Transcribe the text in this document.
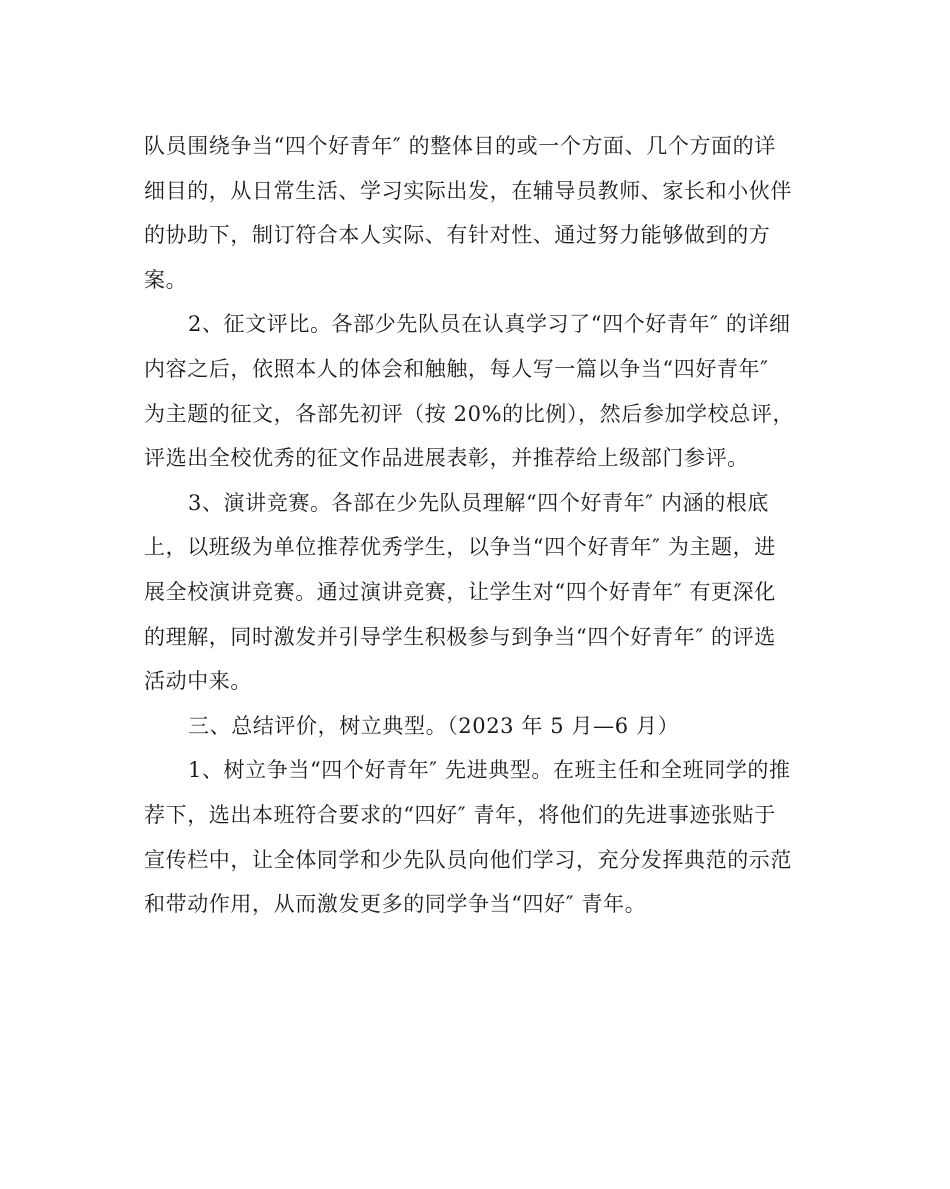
队员围绕争当“四个好青年″ 的整体目的或一个方面、几个方面的详
细目的，从日常生活、学习实际出发，在辅导员教师、家长和小伙伴
的协助下，制订符合本人实际、有针对性、通过努力能够做到的方
案。
2、征文评比。各部少先队员在认真学习了“四个好青年″ 的详细
内容之后，依照本人的体会和触触，每人写一篇以争当“四好青年″
为主题的征文，各部先初评（按 20%的比例），然后参加学校总评，
评选出全校优秀的征文作品进展表彰，并推荐给上级部门参评。
3、演讲竞赛。各部在少先队员理解“四个好青年″ 内涵的根底
上，以班级为单位推荐优秀学生，以争当“四个好青年″ 为主题，进
展全校演讲竞赛。通过演讲竞赛，让学生对“四个好青年″ 有更深化
的理解，同时激发并引导学生积极参与到争当“四个好青年″ 的评选
活动中来。
三、总结评价，树立典型。（2023 年 5 月—6 月）
1、树立争当“四个好青年″ 先进典型。在班主任和全班同学的推
荐下，选出本班符合要求的“四好″ 青年，将他们的先进事迹张贴于
宣传栏中，让全体同学和少先队员向他们学习，充分发挥典范的示范
和带动作用，从而激发更多的同学争当“四好″ 青年。
